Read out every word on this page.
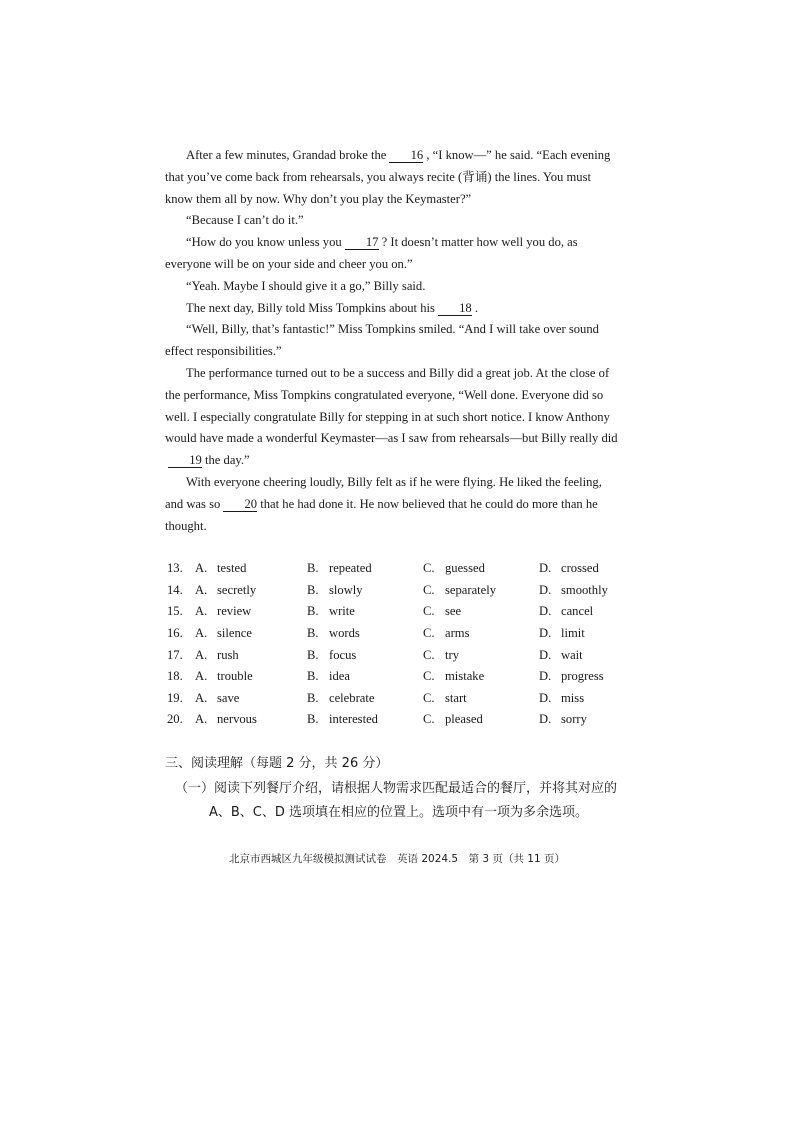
After a few minutes, Grandad broke the 16 , “I know—” he said. “Each evening that you’ve come back from rehearsals, you always recite (背诵) the lines. You must know them all by now. Why don’t you play the Keymaster?”

“Because I can’t do it.”

“How do you know unless you 17 ? It doesn’t matter how well you do, as everyone will be on your side and cheer you on.”

“Yeah. Maybe I should give it a go,” Billy said.

The next day, Billy told Miss Tompkins about his 18 .

“Well, Billy, that’s fantastic!” Miss Tompkins smiled. “And I will take over sound effect responsibilities.”

The performance turned out to be a success and Billy did a great job. At the close of the performance, Miss Tompkins congratulated everyone, “Well done. Everyone did so well. I especially congratulate Billy for stepping in at such short notice. I know Anthony would have made a wonderful Keymaster—as I saw from rehearsals—but Billy really did19 the day.”

With everyone cheering loudly, Billy felt as if he were flying. He liked the feeling, and was so 20 that he had done it. He now believed that he could do more than he thought.

13. A. tested	B. repeated	C. guessed	D. crossed
14. A. secretly	B. slowly	C. separately	D. smoothly
15. A. review	B. write	C. see	D. cancel
16. A. silence	B. words	C. arms	D. limit
17. A. rush	B. focus	C. try	D. wait
18. A. trouble	B. idea	C. mistake	D. progress
19. A. save	B. celebrate	C. start	D. miss
20. A. nervous	B. interested	C. pleased	D. sorry

三、阅读理解（每题 2 分，共 26 分）

（一）阅读下列餐厅介绍，请根据人物需求匹配最适合的餐厅，并将其对应的 A、B、C、D 选项填在相应的位置上。选项中有一项为多余选项。

北京市西城区九年级模拟测试试卷　英语 2024.5　第 3 页（共 11 页）
